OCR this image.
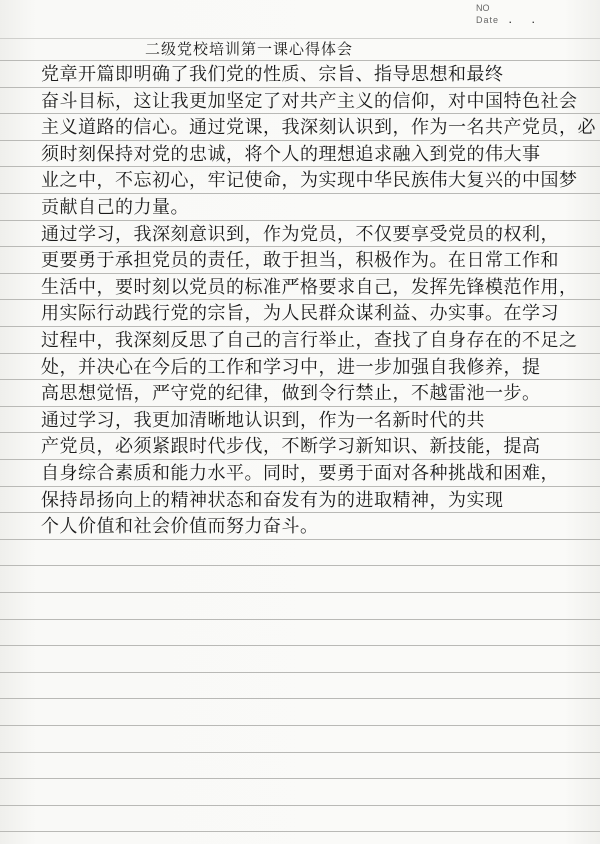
NO
Date . .
二级党校培训第一课心得体会
党章开篇即明确了我们党的性质、宗旨、指导思想和最终
奋斗目标，这让我更加坚定了对共产主义的信仰，对中国特色社会
主义道路的信心。通过党课，我深刻认识到，作为一名共产党员，必
须时刻保持对党的忠诚，将个人的理想追求融入到党的伟大事
业之中，不忘初心，牢记使命，为实现中华民族伟大复兴的中国梦
贡献自己的力量。
通过学习，我深刻意识到，作为党员，不仅要享受党员的权利，
更要勇于承担党员的责任，敢于担当，积极作为。在日常工作和
生活中，要时刻以党员的标准严格要求自己，发挥先锋模范作用，
用实际行动践行党的宗旨，为人民群众谋利益、办实事。在学习
过程中，我深刻反思了自己的言行举止，查找了自身存在的不足之
处，并决心在今后的工作和学习中，进一步加强自我修养，提
高思想觉悟，严守党的纪律，做到令行禁止，不越雷池一步。
通过学习，我更加清晰地认识到，作为一名新时代的共
产党员，必须紧跟时代步伐，不断学习新知识、新技能，提高
自身综合素质和能力水平。同时，要勇于面对各种挑战和困难，
保持昂扬向上的精神状态和奋发有为的进取精神，为实现
个人价值和社会价值而努力奋斗。
